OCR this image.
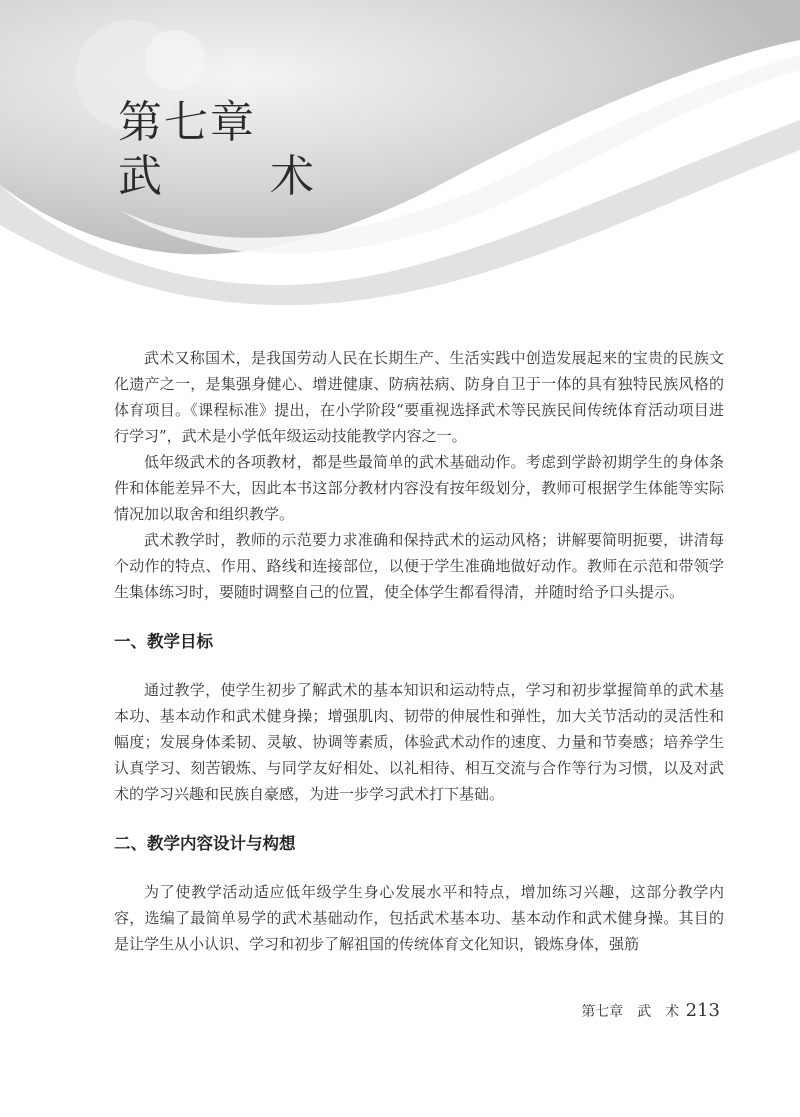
第七章

武　术

武术又称国术，是我国劳动人民在长期生产、生活实践中创造发展起来的宝贵的民族文化遗产之一，是集强身健心、增进健康、防病祛病、防身自卫于一体的具有独特民族风格的体育项目。《课程标准》提出，在小学阶段“要重视选择武术等民族民间传统体育活动项目进行学习”，武术是小学低年级运动技能教学内容之一。

低年级武术的各项教材，都是些最简单的武术基础动作。考虑到学龄初期学生的身体条件和体能差异不大，因此本书这部分教材内容没有按年级划分，教师可根据学生体能等实际情况加以取舍和组织教学。

武术教学时，教师的示范要力求准确和保持武术的运动风格；讲解要简明扼要，讲清每个动作的特点、作用、路线和连接部位，以便于学生准确地做好动作。教师在示范和带领学生集体练习时，要随时调整自己的位置，使全体学生都看得清，并随时给予口头提示。

一、教学目标

通过教学，使学生初步了解武术的基本知识和运动特点，学习和初步掌握简单的武术基本功、基本动作和武术健身操；增强肌肉、韧带的伸展性和弹性，加大关节活动的灵活性和幅度；发展身体柔韧、灵敏、协调等素质，体验武术动作的速度、力量和节奏感；培养学生认真学习、刻苦锻炼、与同学友好相处、以礼相待、相互交流与合作等行为习惯，以及对武术的学习兴趣和民族自豪感，为进一步学习武术打下基础。

二、教学内容设计与构想

为了使教学活动适应低年级学生身心发展水平和特点，增加练习兴趣，这部分教学内容，选编了最简单易学的武术基础动作，包括武术基本功、基本动作和武术健身操。其目的是让学生从小认识、学习和初步了解祖国的传统体育文化知识，锻炼身体，强筋

第七章　武　术 213
